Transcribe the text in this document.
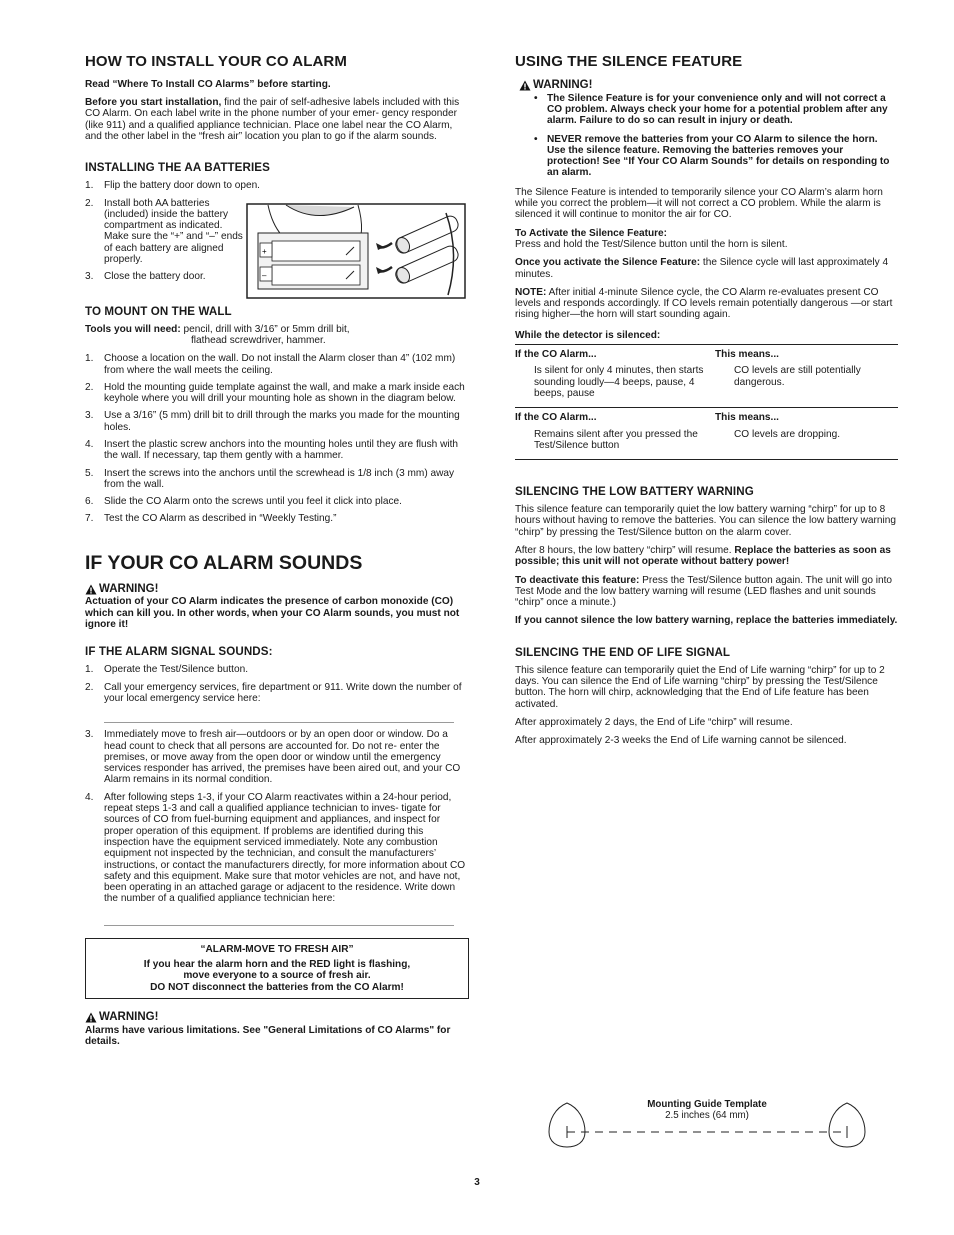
HOW TO INSTALL YOUR CO ALARM

Read “Where To Install CO Alarms” before starting.

Before you start installation, find the pair of self-adhesive labels included with this CO Alarm. On each label write in the phone number of your emer- gency responder (like 911) and a qualified appliance technician. Place one label near the CO Alarm, and the other label in the “fresh air” location you plan to go if the alarm sounds.

INSTALLING THE AA BATTERIES
1. Flip the battery door down to open.
2. Install both AA batteries (included) inside the battery compartment as indicated. Make sure the “+” and “–” ends of each battery are aligned properly.
3. Close the battery door.
+
–
TO MOUNT ON THE WALL

Tools you will need: pencil, drill with 3/16” or 5mm drill bit,
flathead screwdriver, hammer.

1. Choose a location on the wall. Do not install the Alarm closer than 4” (102 mm) from where the wall meets the ceiling.
2. Hold the mounting guide template against the wall, and make a mark inside each keyhole where you will drill your mounting hole as shown in the diagram below.
3. Use a 3/16” (5 mm) drill bit to drill through the marks you made for the mounting holes.
4. Insert the plastic screw anchors into the mounting holes until they are flush with the wall. If necessary, tap them gently with a hammer.
5. Insert the screws into the anchors until the screwhead is 1/8 inch (3 mm) away from the wall.
6. Slide the CO Alarm onto the screws until you feel it click into place.
7. Test the CO Alarm as described in “Weekly Testing.”
IF YOUR CO ALARM SOUNDS
WARNING!

Actuation of your CO Alarm indicates the presence of carbon monoxide (CO) which can kill you. In other words, when your CO Alarm sounds, you must not ignore it!

IF THE ALARM SIGNAL SOUNDS:
1. Operate the Test/Silence button.
2. Call your emergency services, fire department or 911. Write down the number of your local emergency service here:
3. Immediately move to fresh air—outdoors or by an open door or window. Do a head count to check that all persons are accounted for. Do not re- enter the premises, or move away from the open door or window until the emergency services responder has arrived, the premises have been aired out, and your CO Alarm remains in its normal condition.
4. After following steps 1-3, if your CO Alarm reactivates within a 24-hour period, repeat steps 1-3 and call a qualified appliance technician to inves- tigate for sources of CO from fuel-burning equipment and appliances, and inspect for proper operation of this equipment. If problems are identified during this inspection have the equipment serviced immediately. Note any combustion equipment not inspected by the technician, and consult the manufacturers’ instructions, or contact the manufacturers directly, for more information about CO safety and this equipment. Make sure that motor vehicles are not, and have not, been operating in an attached garage or adjacent to the residence. Write down the number of a qualified appliance technician here:
“ALARM-MOVE TO FRESH AIR”
If you hear the alarm horn and the RED light is flashing,
move everyone to a source of fresh air.
DO NOT disconnect the batteries from the CO Alarm!
WARNING!

Alarms have various limitations. See "General Limitations of CO Alarms" for details.

USING THE SILENCE FEATURE
WARNING!
• The Silence Feature is for your convenience only and will not correct a CO problem. Always check your home for a potential problem after any alarm. Failure to do so can result in injury or death.
• NEVER remove the batteries from your CO Alarm to silence the horn. Use the silence feature. Removing the batteries removes your protection! See “If Your CO Alarm Sounds” for details on responding to an alarm.

The Silence Feature is intended to temporarily silence your CO Alarm’s alarm horn while you correct the problem—it will not correct a CO problem. While the alarm is silenced it will continue to monitor the air for CO.

To Activate the Silence Feature:
Press and hold the Test/Silence button until the horn is silent.

Once you activate the Silence Feature: the Silence cycle will last approximately 4 minutes.

NOTE: After initial 4-minute Silence cycle, the CO Alarm re-evaluates present CO levels and responds accordingly. If CO levels remain potentially dangerous —or start rising higher—the horn will start sounding again.

While the detector is silenced:
If the CO Alarm...	This means...
Is silent for only 4 minutes, then starts sounding loudly—4 beeps, pause, 4 beeps, pause	CO levels are still potentially dangerous.
If the CO Alarm...	This means...
Remains silent after you pressed the Test/Silence button	CO levels are dropping.
SILENCING THE LOW BATTERY WARNING

This silence feature can temporarily quiet the low battery warning “chirp” for up to 8 hours without having to remove the batteries. You can silence the low battery warning “chirp” by pressing the Test/Silence button on the alarm cover.

After 8 hours, the low battery “chirp” will resume. Replace the batteries as soon as possible; this unit will not operate without battery power!

To deactivate this feature: Press the Test/Silence button again. The unit will go into Test Mode and the low battery warning will resume (LED flashes and unit sounds “chirp” once a minute.)

If you cannot silence the low battery warning, replace the batteries immediately.

SILENCING THE END OF LIFE SIGNAL

This silence feature can temporarily quiet the End of Life warning “chirp” for up to 2 days. You can silence the End of Life warning “chirp” by pressing the Test/Silence button. The horn will chirp, acknowledging that the End of Life feature has been activated.

After approximately 2 days, the End of Life “chirp” will resume.

After approximately 2-3 weeks the End of Life warning cannot be silenced.

Mounting Guide Template
2.5 inches (64 mm)
3
